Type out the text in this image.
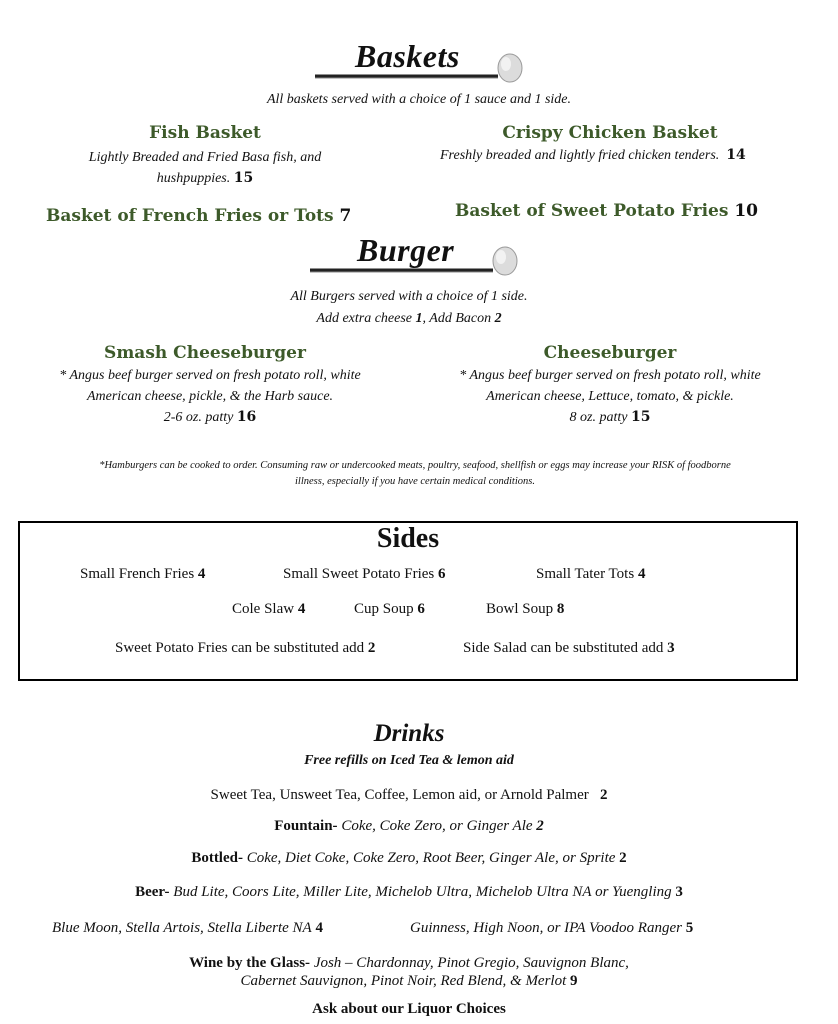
Baskets
All baskets served with a choice of 1 sauce and 1 side.
Fish Basket
Lightly Breaded and Fried Basa fish, and
hushpuppies. 15
Crispy Chicken Basket
Freshly breaded and lightly fried chicken tenders. 14
Basket of French Fries or Tots 7	Basket of Sweet Potato Fries 10
Burger
All Burgers served with a choice of 1 side.
Add extra cheese 1, Add Bacon 2
Smash Cheeseburger
* Angus beef burger served on fresh potato roll, white
American cheese, pickle, & the Harb sauce.
2-6 oz. patty 16
Cheeseburger
* Angus beef burger served on fresh potato roll, white
American cheese, Lettuce, tomato, & pickle.
8 oz. patty 15
*Hamburgers can be cooked to order. Consuming raw or undercooked meats, poultry, seafood, shellfish or eggs may increase your RISK of foodborne
illness, especially if you have certain medical conditions.
Sides
Small French Fries 4	Small Sweet Potato Fries 6	Small Tater Tots 4
Cole Slaw 4	Cup Soup 6	Bowl Soup 8
Sweet Potato Fries can be substituted add 2	Side Salad can be substituted add 3
Drinks
Free refills on Iced Tea & lemon aid
Sweet Tea, Unsweet Tea, Coffee, Lemon aid, or Arnold Palmer 2
Fountain- Coke, Coke Zero, or Ginger Ale 2
Bottled- Coke, Diet Coke, Coke Zero, Root Beer, Ginger Ale, or Sprite 2
Beer- Bud Lite, Coors Lite, Miller Lite, Michelob Ultra, Michelob Ultra NA or Yuengling 3
Blue Moon, Stella Artois, Stella Liberte NA 4	Guinness, High Noon, or IPA Voodoo Ranger 5
Wine by the Glass- Josh – Chardonnay, Pinot Gregio, Sauvignon Blanc,
Cabernet Sauvignon, Pinot Noir, Red Blend, & Merlot 9
Ask about our Liquor Choices
